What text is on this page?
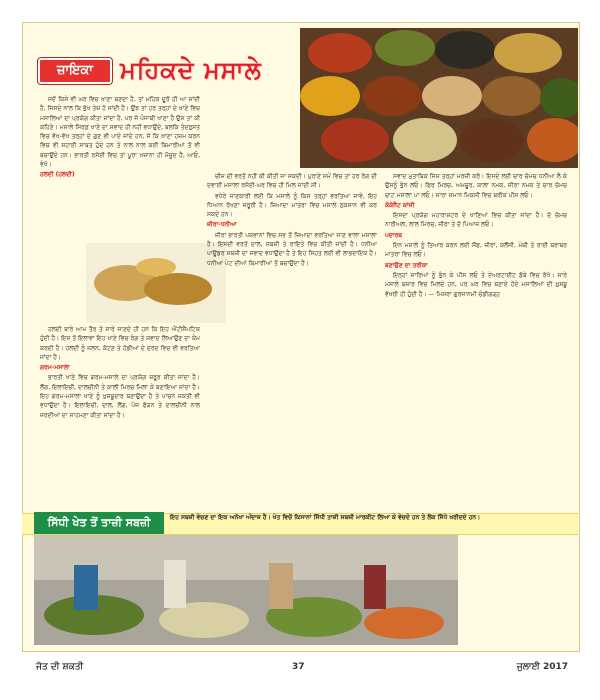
ਜ਼ਾਇਕਾ	ਮਹਿਕਦੇ ਮਸਾਲੇ

ਜਦੋਂ ਕਿਸੇ ਵੀ ਘਰ ਵਿਚ ਖਾਣਾ ਬਣਦਾ ਹੈ, ਤਾਂ ਮਹਿਕ ਦੂਰੋਂ ਹੀ ਆ ਜਾਂਦੀ ਹੈ, ਜਿਸਦੇ ਨਾਲ ਕਿ ਭੁੱਖ ਤੇਜ਼ ਹੋ ਜਾਂਦੀ ਹੈ। ਉਂਝ ਤਾਂ ਹਰ ਤਰ੍ਹਾਂ ਦੇ ਖਾਣੇ ਵਿਚ ਮਸਾਲਿਆਂ ਦਾ ਪ੍ਰਯੋਗ ਕੀਤਾ ਜਾਂਦਾ ਹੈ, ਪਰ ਜੋ ਪੰਜਾਬੀ ਖਾਣਾ ਹੈ ਉਸ ਤਾਂ ਕੀ ਕਹਿਣੇ। ਮਸਾਲੇ ਸਿਰਫ਼ ਖਾਣੇ ਦਾ ਸਵਾਦ ਹੀ ਨਹੀਂ ਵਧਾਉਂਦੇ, ਬਲਕਿ ਤੰਦਰੁਸਤ ਵਿਚ ਵੱਖ-ਵੱਖ ਤਰ੍ਹਾਂ ਦੇ ਗੁਣ ਵੀ ਪਾਏ ਜਾਂਦੇ ਹਨ, ਜੋ ਕਿ ਖਾਣਾ ਹਜ਼ਮ ਕਰਨ ਵਿਚ ਵੀ ਸਹਾਈ ਸਾਬਤ ਹੁੰਦੇ ਹਨ ਤੇ ਨਾਲ ਨਾਲ ਕਈ ਬਿਮਾਰੀਆਂ ਤੋਂ ਵੀ ਬਚਾਉਂਦੇ ਹਨ। ਭਾਰਤੀ ਰਸੋਈ ਵਿਚ ਤਾਂ ਪੂਰਾ ਖਜ਼ਾਨਾ ਹੀ ਮੌਜੂਦ ਹੈ, ਆਓ, ਵੇਖੋ।

ਹਲਦੀ (ਹਲਦੀ)

ਹਲਦੀ ਬਾਰੇ ਆਮ ਤੌਰ ਤੇ ਸਾਰੇ ਜਾਣਦੇ ਹੀ ਹਨ ਕਿ ਇਹ ਐਂਟੀਸੈਪਟਿਕ ਹੁੰਦੀ ਹੈ। ਇਸ ਤੋਂ ਇਲਾਵਾ ਇਹ ਖਾਣੇ ਵਿਚ ਰੰਗ ਤੇ ਸਵਾਦ ਲਿਆਉਣ ਦਾ ਕੰਮ ਕਰਦੀ ਹੈ। ਹਲਦੀ ਨੂੰ ਜਲਨ, ਕੱਟਣ ਤੇ ਹੱਡੀਆਂ ਦੇ ਦਰਦ ਵਿਚ ਵੀ ਵਰਤਿਆ ਜਾਂਦਾ ਹੈ।

ਗਰਮ-ਮਸਾਲਾ

ਭਾਰਤੀ ਖਾਣੇ ਵਿਚ ਗਰਮ-ਮਸਾਲੇ ਦਾ ਪ੍ਰਯੋਗ ਜ਼ਰੂਰ ਕੀਤਾ ਜਾਂਦਾ ਹੈ। ਲੌਂਗ, ਇਲਾਇਚੀ, ਦਾਲਚੀਨੀ ਤੇ ਕਾਲੀ ਮਿਰਚ ਮਿਲਾ ਕੇ ਬਣਾਇਆ ਜਾਂਦਾ ਹੈ। ਇਹ ਗਰਮ-ਮਸਾਲਾ ਖਾਣੇ ਨੂੰ ਖੁਸ਼ਬੂਦਾਰ ਬਣਾਉਂਦਾ ਹੈ ਤੇ ਪਾਚਨ ਸ਼ਕਤੀ ਵੀ ਵਧਾਉਂਦਾ ਹੈ। ਇਲਾਇਚੀ, ਦਾਲ, ਲੌਂਗ, ਪੰਜ ਫੋੜਨ ਤੇ ਦਾਲਚੀਨੀ ਨਾਲ ਜ਼ਰਦੀਆਂ ਦਾ ਸਾਹਮਣਾ ਕੀਤਾ ਜਾਂਦਾ ਹੈ।

ਚੀਜ਼ ਦੀ ਵਰਤੋਂ ਨਹੀਂ ਕੀ ਕੀਤੀ ਜਾ ਸਕਦੀ। ਪੁਰਾਣੇ ਸਮੇਂ ਵਿਚ ਤਾਂ ਹਰ ਰੋਗ ਦੀ ਦਵਾਈ ਮਸਾਲਾ ਰਸੋਈ-ਘਰ ਵਿਚ ਹੀ ਮਿਲ ਜਾਂਦੀ ਸੀ।

ਵਧੇਰੇ ਜਾਣਕਾਰੀ ਲਈ ਕਿ ਮਸਾਲੇ ਨੂੰ ਕਿਸ ਤਰ੍ਹਾਂ ਵਰਤਿਆ ਜਾਵੇ, ਇਹ ਧਿਆਨ ਰੱਖਣਾ ਜ਼ਰੂਰੀ ਹੈ। ਜ਼ਿਆਦਾ ਮਾਤਰਾ ਵਿਚ ਮਸਾਲੇ ਨੁਕਸਾਨ ਵੀ ਕਰ ਸਕਦੇ ਹਨ।

ਜ਼ੀਰਾ-ਧਨੀਆ

ਜ਼ੀਰਾ ਭਾਰਤੀ ਪਕਵਾਨਾਂ ਵਿਚ ਸਭ ਤੋਂ ਜ਼ਿਆਦਾ ਵਰਤਿਆ ਜਾਣ ਵਾਲਾ ਮਸਾਲਾ ਹੈ। ਇਸਦੀ ਵਰਤੋਂ ਦਾਲ, ਸਬਜ਼ੀ ਤੇ ਰਾਇਤੇ ਵਿਚ ਕੀਤੀ ਜਾਂਦੀ ਹੈ। ਧਨੀਆ ਪਾਊਡਰ ਸਬਜ਼ੀ ਦਾ ਸਵਾਦ ਵਧਾਉਂਦਾ ਹੈ ਤੇ ਇਹ ਸਿਹਤ ਲਈ ਵੀ ਲਾਭਦਾਇਕ ਹੈ। ਧਨੀਆ ਪੇਟ ਦੀਆਂ ਬਿਮਾਰੀਆਂ ਤੋਂ ਬਚਾਉਂਦਾ ਹੈ।

ਸਵਾਦ ਮੁਤਾਬਿਕ ਜਿਸ ਤਰ੍ਹਾਂ ਮਰਜ਼ੀ ਕਰੋ। ਇਸਦੇ ਲਈ ਚਾਰ ਚੱਮਚ ਧਨੀਆ ਲੈ ਕੇ ਉਸਨੂੰ ਭੁੰਨ ਲਓ। ਫਿਰ ਮਿਰਚ, ਅਮਚੂਰ, ਕਾਲਾ ਨਮਕ, ਜੀਰਾ ਨਮਕ ਤੇ ਚਾਰ ਚੱਮਚ ਚਾਟ ਮਸਾਲਾ ਪਾ ਲਓ। ਸਾਰਾ ਸਮਾਨ ਮਿਕਸੀ ਵਿਚ ਬਰੀਕ ਪੀਸ ਲਓ।

ਕੋਕੋਨੈਟ ਕਾਂਜੀ

ਇਸਦਾ ਪ੍ਰਯੋਗ ਮਹਾਰਾਸ਼ਟਰ ਦੇ ਖਾਣਿਆਂ ਵਿਚ ਕੀਤਾ ਜਾਂਦਾ ਹੈ। ਦੋ ਚੱਮਚ ਨਾਰੀਅਲ, ਲਾਲ ਮਿਰਚ, ਜੀਰਾ ਤੇ ਦੋ ਪਿਆਜ਼ ਲਓ।

ਪਦਾਰਥ

ਇਨ ਮਸਾਲੇ ਨੂੰ ਤਿਆਰ ਕਰਨ ਲਈ ਸੌਂਫ, ਜ਼ੀਰਾ, ਕਲੌਂਜੀ, ਮੇਥੀ ਤੇ ਰਾਈ ਬਰਾਬਰ ਮਾਤਰਾ ਵਿਚ ਲਓ।

ਬਣਾਉਣ ਦਾ ਤਰੀਕਾ

ਇਨ੍ਹਾਂ ਸਾਰਿਆਂ ਨੂੰ ਭੁੰਨ ਕੇ ਪੀਸ ਲਓ ਤੇ ਏਅਰਟਾਈਟ ਡੱਬੇ ਵਿਚ ਰੱਖੋ। ਸਾਰੇ ਮਸਾਲੇ ਬਜ਼ਾਰ ਵਿਚ ਮਿਲਦੇ ਹਨ, ਪਰ ਘਰ ਵਿਚ ਬਣਾਏ ਹੋਏ ਮਸਾਲਿਆਂ ਦੀ ਖ਼ੁਸ਼ਬੂ ਵੱਖਰੀ ਹੀ ਹੁੰਦੀ ਹੈ। — ਮਿਸ਼ਰਾ ਗੁਰਜਾਨਮੀ ਚੰਡੀਗੜ੍ਹ

ਸਿੱਧੀ ਖੇਤ ਤੋਂ ਤਾਜ਼ੀ ਸਬਜ਼ੀ	ਇਹ ਸਬਜ਼ੀ ਵੇਚਣ ਦਾ ਇਕ ਅਨੋਖਾ ਅੰਦਾਜ਼ ਹੈ। ਖੇਤ ਵਿਚੋਂ ਕਿਸਾਨਾਂ ਸਿੱਧੀ ਤਾਜ਼ੀ ਸਬਜ਼ੀ ਮਾਰਕੀਟ ਲਿਆ ਕੇ ਵੇਚਦੇ ਹਨ ਤੇ ਲੋਕ ਸਿੱਧੇ ਖਰੀਦਦੇ ਹਨ।
ਜੋਤ ਦੀ ਸ਼ਕਤੀ	37	ਜੁਲਾਈ 2017
